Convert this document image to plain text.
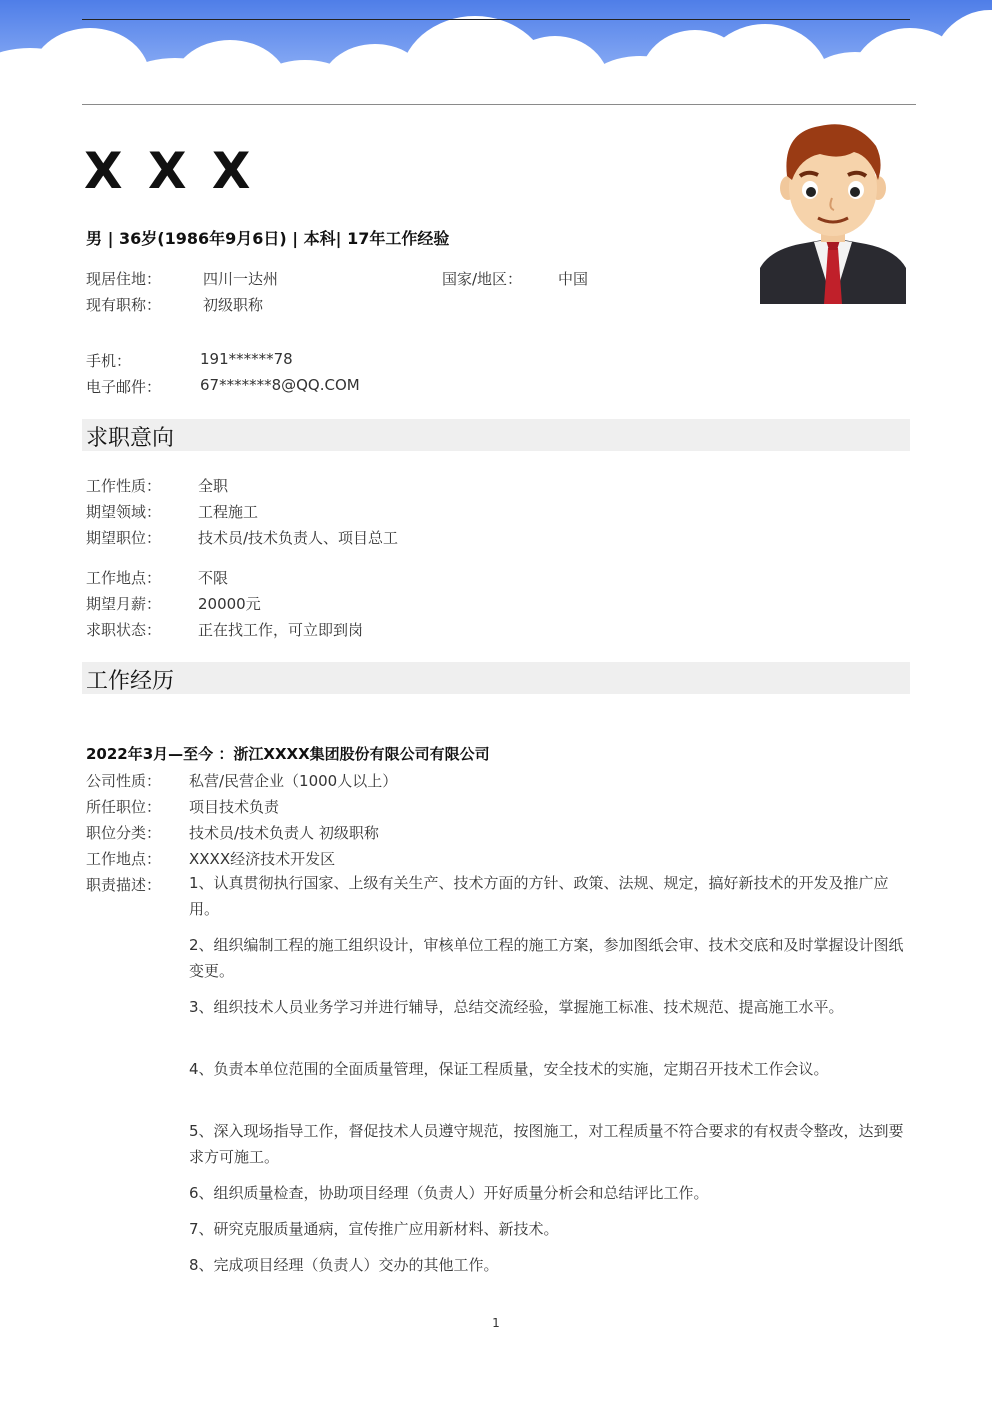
X X X
男 | 36岁(1986年9月6日) | 本科| 17年工作经验
现居住地：	四川一达州	国家/地区： 中国
现有职称：	初级职称
手机：	191******78
电子邮件：	67*******8@QQ.COM
求职意向
工作性质： 全职
期望领域： 工程施工
期望职位： 技术员/技术负责人、项目总工
工作地点： 不限
期望月薪： 20000元
求职状态： 正在找工作，可立即到岗
工作经历
2022年3月—至今 ：浙江XXXX集团股份有限公司有限公司
公司性质： 私营/民营企业（1000人以上）
所任职位： 项目技术负责
职位分类： 技术员/技术负责人 初级职称
工作地点： XXXX经济技术开发区
职责描述： 1、认真贯彻执行国家、上级有关生产、技术方面的方针、政策、法规、规定，搞好新技术的开发及推广应用。
2、组织编制工程的施工组织设计，审核单位工程的施工方案，参加图纸会审、技术交底和及时掌握设计图纸变更。
3、组织技术人员业务学习并进行辅导，总结交流经验，掌握施工标准、技术规范、提高施工水平。
4、负责本单位范围的全面质量管理，保证工程质量，安全技术的实施，定期召开技术工作会议。
5、深入现场指导工作，督促技术人员遵守规范，按图施工，对工程质量不符合要求的有权责令整改，达到要求方可施工。
6、组织质量检查，协助项目经理（负责人）开好质量分析会和总结评比工作。
7、研究克服质量通病，宣传推广应用新材料、新技术。
8、完成项目经理（负责人）交办的其他工作。
1
